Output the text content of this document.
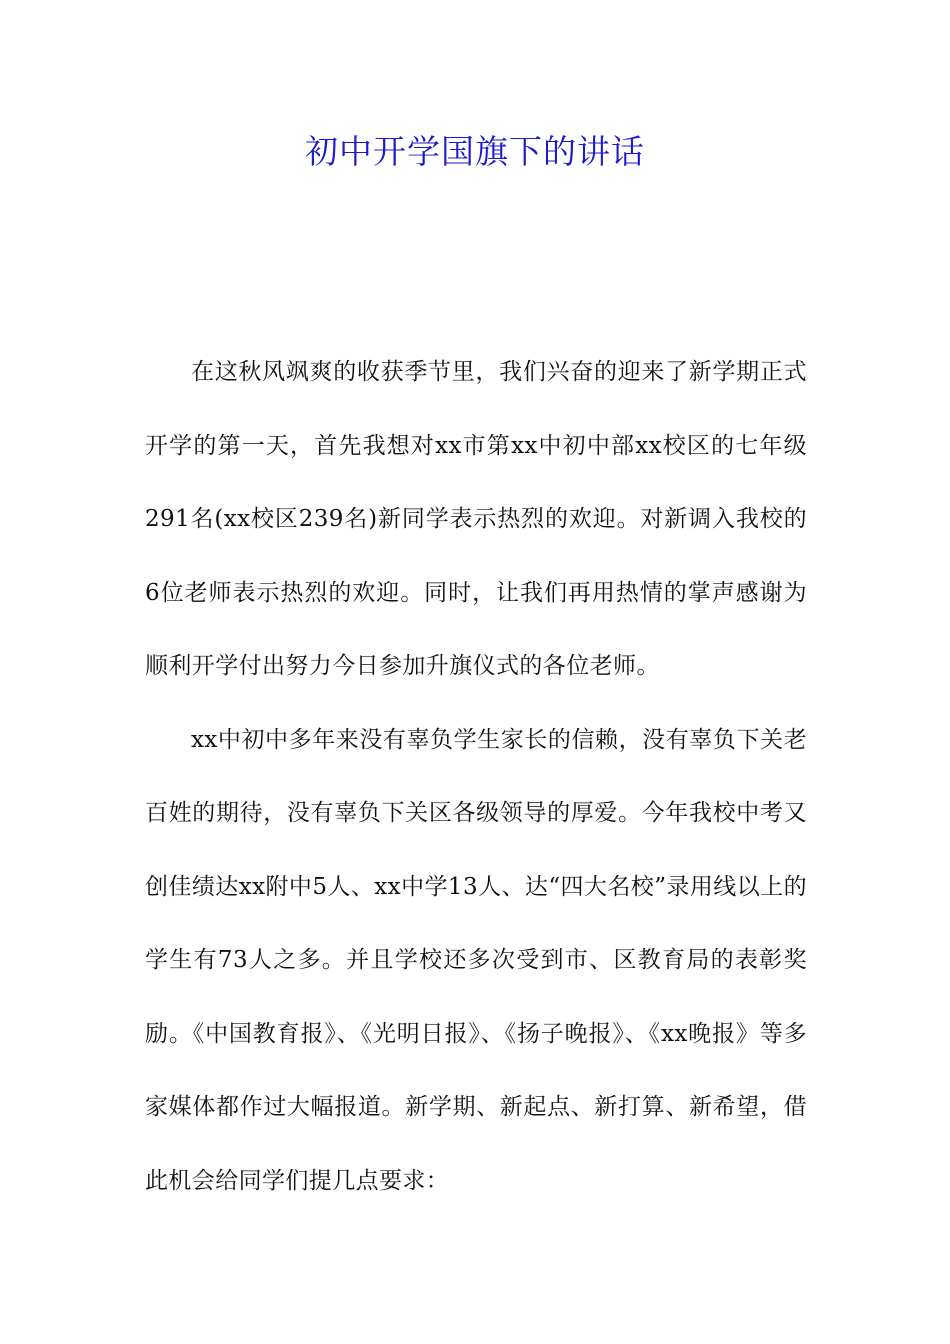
初中开学国旗下的讲话

在这秋风飒爽的收获季节里，我们兴奋的迎来了新学期正式开学的第一天，首先我想对xx市第xx中初中部xx校区的七年级291名(xx校区239名)新同学表示热烈的欢迎。对新调入我校的6位老师表示热烈的欢迎。同时，让我们再用热情的掌声感谢为顺利开学付出努力今日参加升旗仪式的各位老师。

xx中初中多年来没有辜负学生家长的信赖，没有辜负下关老百姓的期待，没有辜负下关区各级领导的厚爱。今年我校中考又创佳绩达xx附中5人、xx中学13人、达“四大名校”录用线以上的学生有73人之多。并且学校还多次受到市、区教育局的表彰奖励。《中国教育报》、《光明日报》、《扬子晚报》、《xx晚报》等多家媒体都作过大幅报道。新学期、新起点、新打算、新希望，借此机会给同学们提几点要求：
